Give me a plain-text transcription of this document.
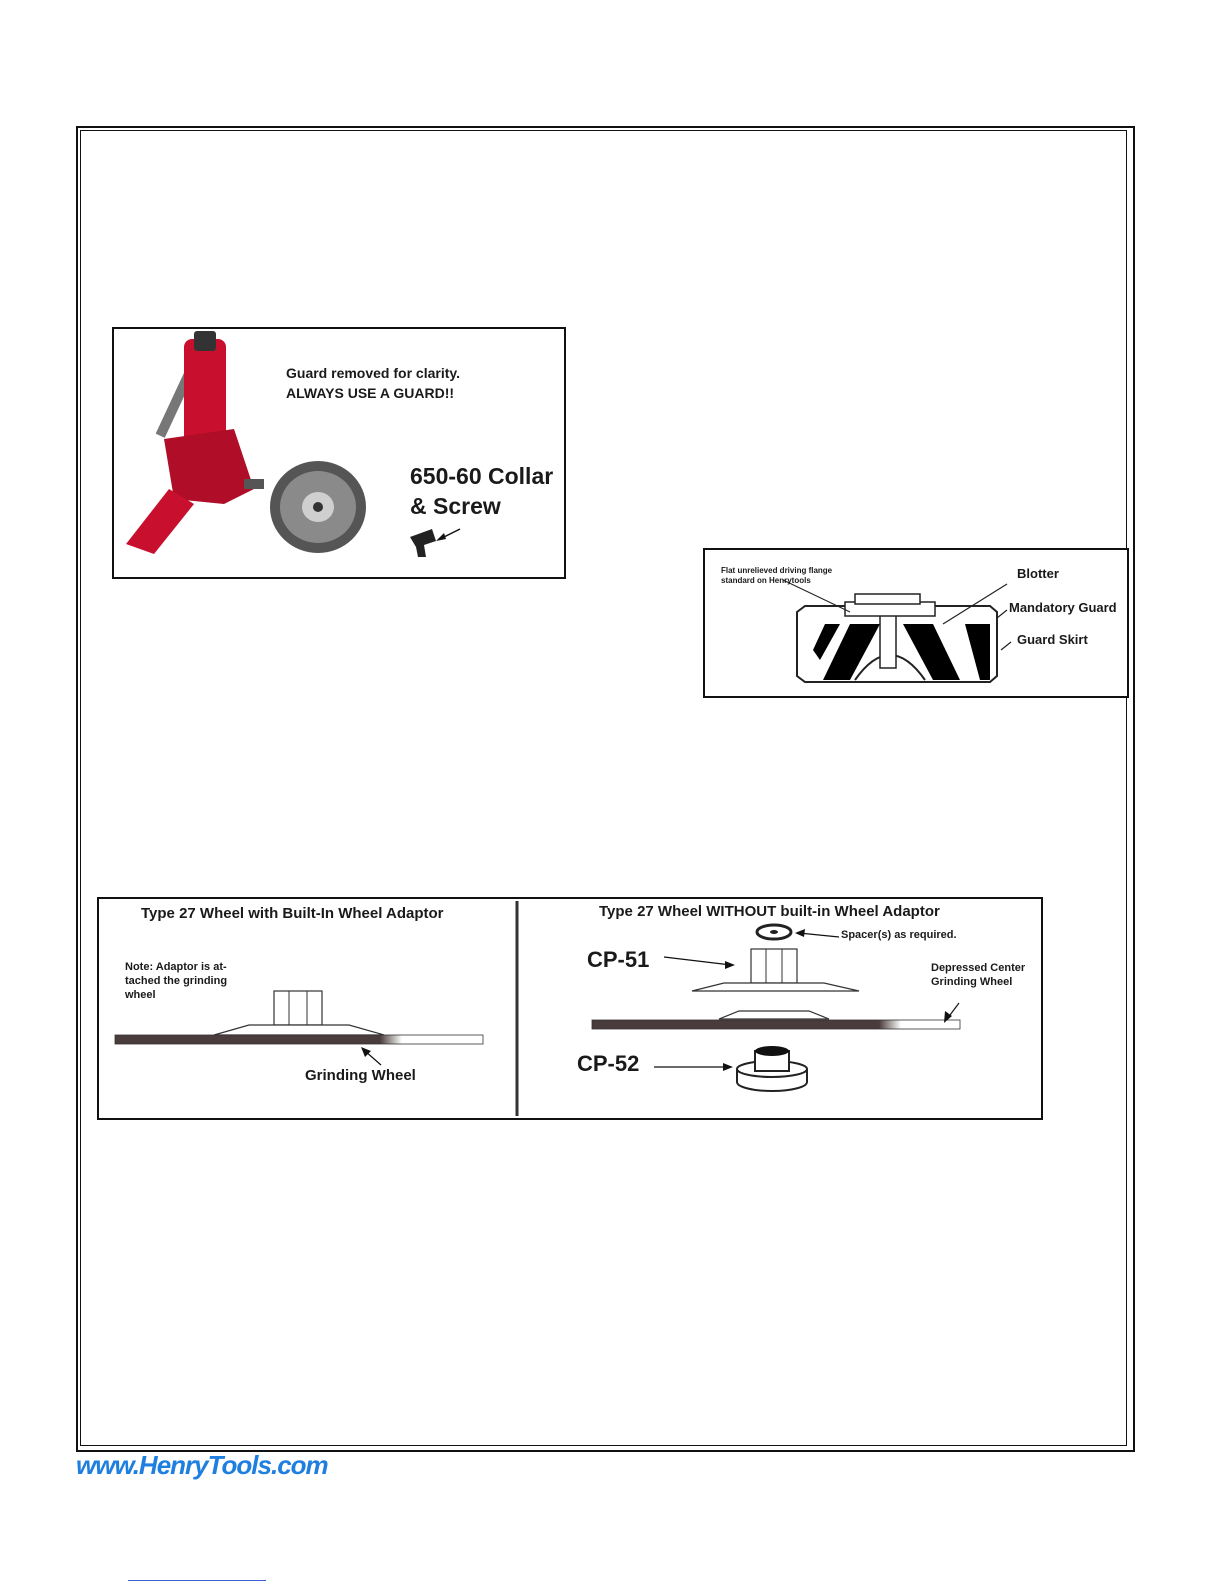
Guard removed for clarity.
ALWAYS USE A GUARD!!
650-60 Collar
& Screw
Flat unrelieved driving flange
standard on Henrytools	Blotter
Mandatory Guard
Guard Skirt
Type 27 Wheel with Built-In Wheel Adaptor
Note: Adaptor is at-
tached the grinding
wheel
Grinding Wheel
Type 27 Wheel WITHOUT built-in Wheel Adaptor
Spacer(s) as required.
CP-51	Depressed Center
Grinding Wheel
CP-52
www.HenryTools.com
